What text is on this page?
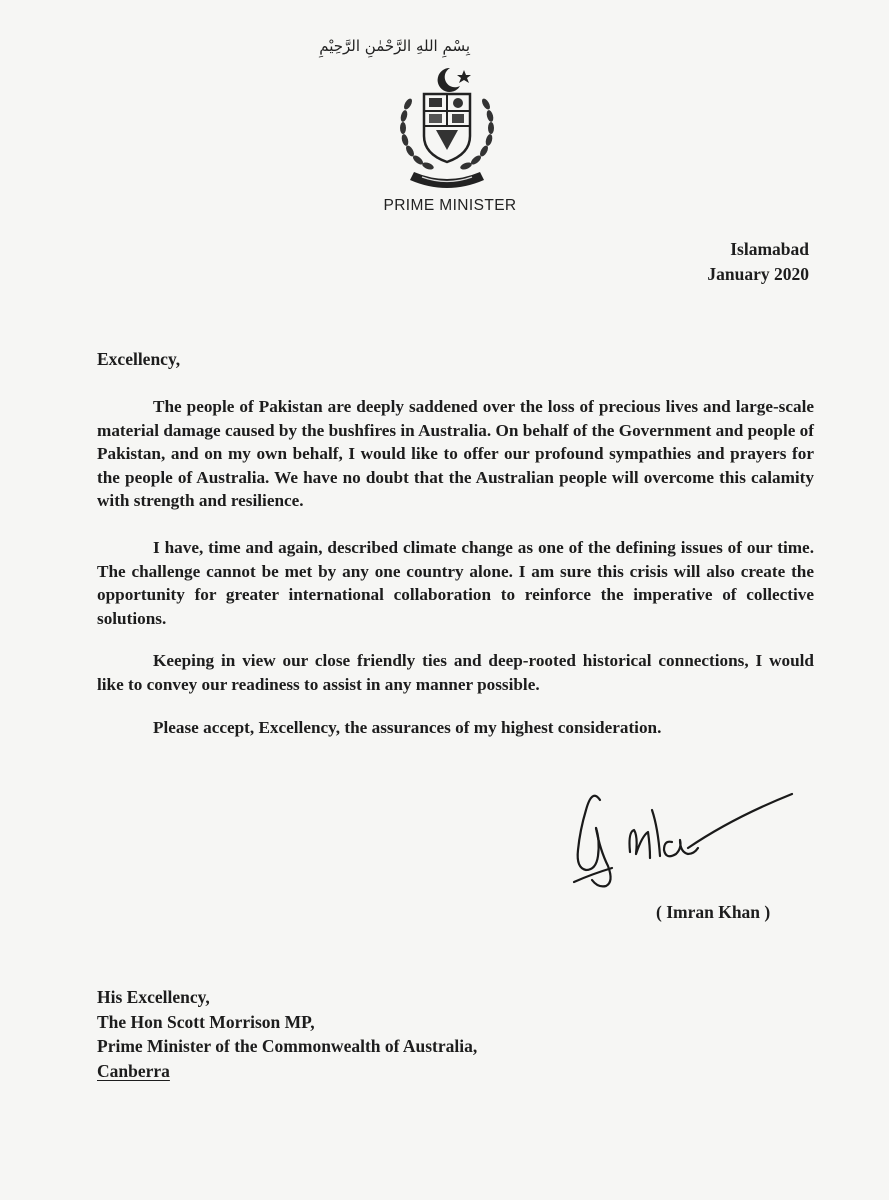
بِسْمِ اللهِ الرَّحْمٰنِ الرَّحِيْمِ
PRIME MINISTER
Islamabad
January 2020
Excellency,

The people of Pakistan are deeply saddened over the loss of precious lives and large-scale material damage caused by the bushfires in Australia. On behalf of the Government and people of Pakistan, and on my own behalf, I would like to offer our profound sympathies and prayers for the people of Australia. We have no doubt that the Australian people will overcome this calamity with strength and resilience.

I have, time and again, described climate change as one of the defining issues of our time. The challenge cannot be met by any one country alone. I am sure this crisis will also create the opportunity for greater international collaboration to reinforce the imperative of collective solutions.

Keeping in view our close friendly ties and deep-rooted historical connections, I would like to convey our readiness to assist in any manner possible.

Please accept, Excellency, the assurances of my highest consideration.

( Imran Khan )
His Excellency,
The Hon Scott Morrison MP,
Prime Minister of the Commonwealth of Australia,
Canberra
